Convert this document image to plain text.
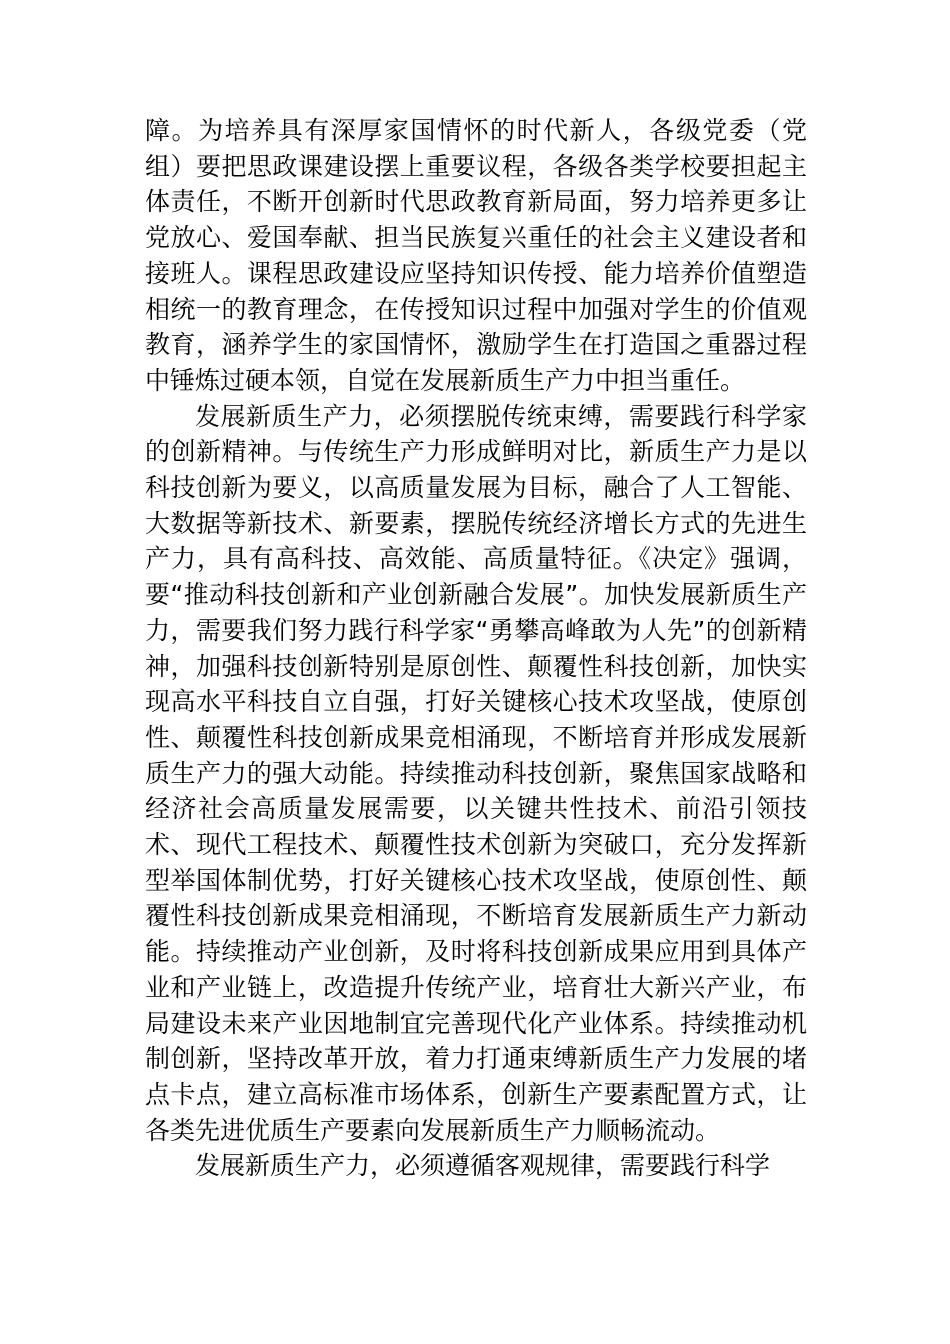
障。为培养具有深厚家国情怀的时代新人，各级党委（党组）要把思政课建设摆上重要议程，各级各类学校要担起主体责任，不断开创新时代思政教育新局面，努力培养更多让党放心、爱国奉献、担当民族复兴重任的社会主义建设者和接班人。课程思政建设应坚持知识传授、能力培养价值塑造相统一的教育理念，在传授知识过程中加强对学生的价值观教育，涵养学生的家国情怀，激励学生在打造国之重器过程中锤炼过硬本领，自觉在发展新质生产力中担当重任。

发展新质生产力，必须摆脱传统束缚，需要践行科学家的创新精神。与传统生产力形成鲜明对比，新质生产力是以科技创新为要义，以高质量发展为目标，融合了人工智能、大数据等新技术、新要素，摆脱传统经济增长方式的先进生产力，具有高科技、高效能、高质量特征。《决定》强调，要“推动科技创新和产业创新融合发展”。加快发展新质生产力，需要我们努力践行科学家“勇攀高峰敢为人先”的创新精神，加强科技创新特别是原创性、颠覆性科技创新，加快实现高水平科技自立自强，打好关键核心技术攻坚战，使原创性、颠覆性科技创新成果竞相涌现，不断培育并形成发展新质生产力的强大动能。持续推动科技创新，聚焦国家战略和经济社会高质量发展需要，以关键共性技术、前沿引领技术、现代工程技术、颠覆性技术创新为突破口，充分发挥新型举国体制优势，打好关键核心技术攻坚战，使原创性、颠覆性科技创新成果竞相涌现，不断培育发展新质生产力新动能。持续推动产业创新，及时将科技创新成果应用到具体产业和产业链上，改造提升传统产业，培育壮大新兴产业，布局建设未来产业因地制宜完善现代化产业体系。持续推动机制创新，坚持改革开放，着力打通束缚新质生产力发展的堵点卡点，建立高标准市场体系，创新生产要素配置方式，让各类先进优质生产要素向发展新质生产力顺畅流动。

发展新质生产力，必须遵循客观规律，需要践行科学
